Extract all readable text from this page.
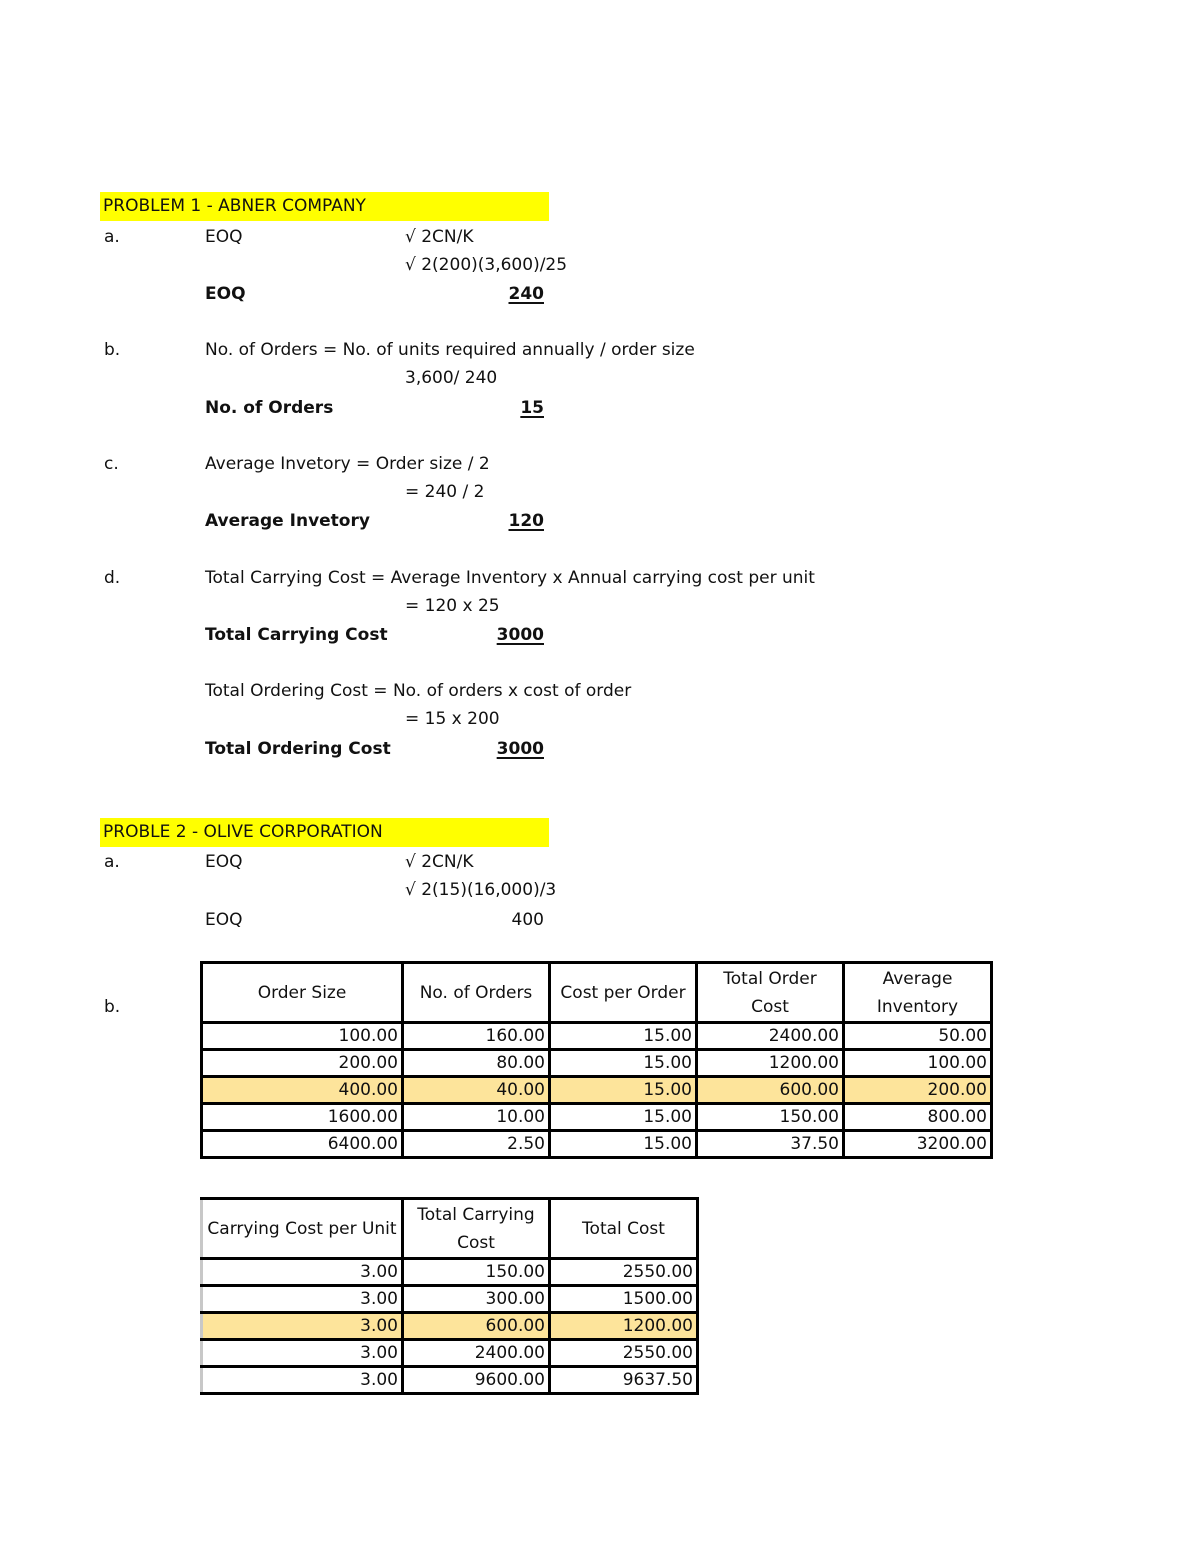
PROBLEM 1 - ABNER COMPANY
a.	EOQ	√ 2CN/K
√ 2(200)(3,600)/25
EOQ	240
b.	No. of Orders = No. of units required annually / order size
3,600/ 240
No. of Orders	15
c.	Average Invetory = Order size / 2
= 240 / 2
Average Invetory	120
d.	Total Carrying Cost = Average Inventory x Annual carrying cost per unit
= 120 x 25
Total Carrying Cost	3000
Total Ordering Cost = No. of orders x cost of order
= 15 x 200
Total Ordering Cost	3000
PROBLE 2 - OLIVE CORPORATION
a.	EOQ	√ 2CN/K
√ 2(15)(16,000)/3
EOQ	400
b.
Order Size	No. of Orders	Cost per Order	Total Order Cost	Average Inventory
100.00	160.00	15.00	2400.00	50.00
200.00	80.00	15.00	1200.00	100.00
400.00	40.00	15.00	600.00	200.00
1600.00	10.00	15.00	150.00	800.00
6400.00	2.50	15.00	37.50	3200.00
Carrying Cost per Unit	Total Carrying Cost	Total Cost
3.00	150.00	2550.00
3.00	300.00	1500.00
3.00	600.00	1200.00
3.00	2400.00	2550.00
3.00	9600.00	9637.50
